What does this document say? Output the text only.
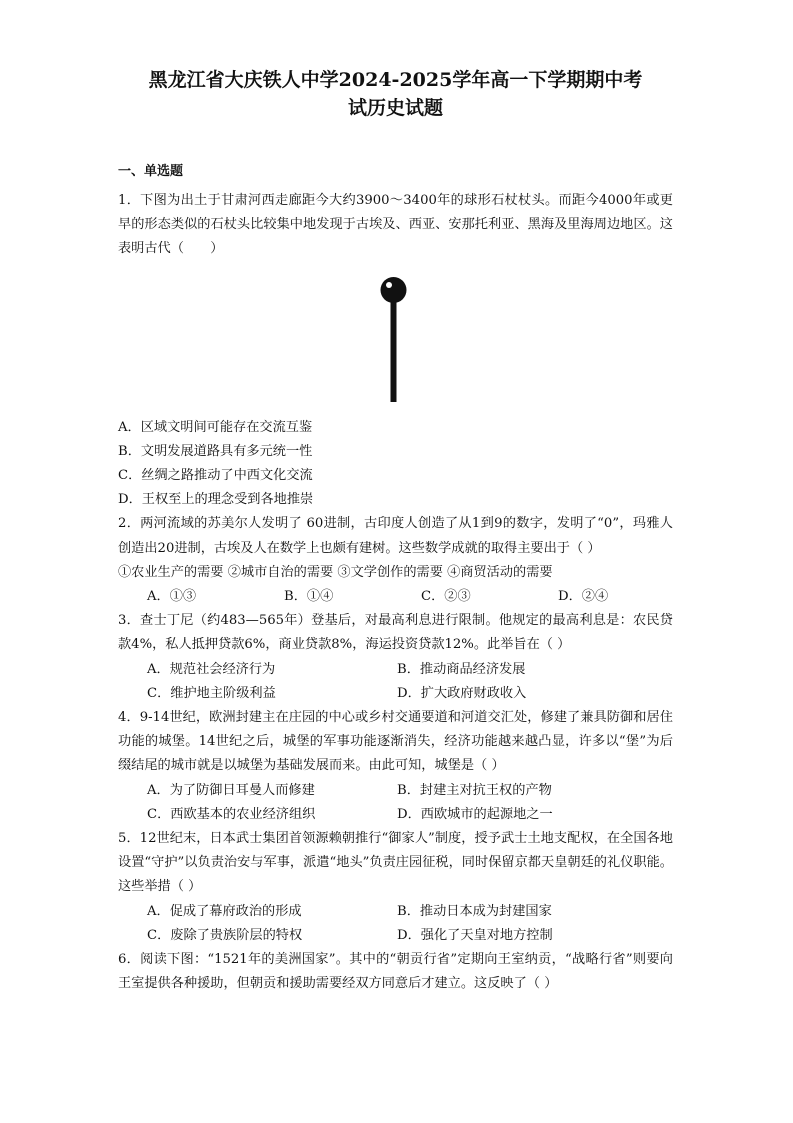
黑龙江省大庆铁人中学2024-2025学年高一下学期期中考
试历史试题
一、单选题
1．下图为出土于甘肃河西走廊距今大约3900～3400年的球形石杖杖头。而距今4000年或更早的形态类似的石杖头比较集中地发现于古埃及、西亚、安那托利亚、黑海及里海周边地区。这表明古代（　　）
A．区域文明间可能存在交流互鉴
B．文明发展道路具有多元统一性
C．丝绸之路推动了中西文化交流
D．王权至上的理念受到各地推崇
2．两河流域的苏美尔人发明了 60进制，古印度人创造了从1到9的数字，发明了“0”，玛雅人创造出20进制，古埃及人在数学上也颇有建树。这些数学成就的取得主要出于（ ）
①农业生产的需要 ②城市自治的需要 ③文学创作的需要 ④商贸活动的需要
A．①③	B．①④	C．②③	D．②④
3．查士丁尼（约483—565年）登基后，对最高利息进行限制。他规定的最高利息是：农民贷款4%，私人抵押贷款6%，商业贷款8%，海运投资贷款12%。此举旨在（ ）
A．规范社会经济行为	B．推动商品经济发展
C．维护地主阶级利益	D．扩大政府财政收入
4．9-14世纪，欧洲封建主在庄园的中心或乡村交通要道和河道交汇处，修建了兼具防御和居住功能的城堡。14世纪之后，城堡的军事功能逐渐消失，经济功能越来越凸显，许多以“堡”为后缀结尾的城市就是以城堡为基础发展而来。由此可知，城堡是（ ）
A．为了防御日耳曼人而修建	B．封建主对抗王权的产物
C．西欧基本的农业经济组织	D．西欧城市的起源地之一
5．12世纪末，日本武士集团首领源赖朝推行“御家人”制度，授予武士土地支配权，在全国各地设置“守护”以负责治安与军事，派遣“地头”负责庄园征税，同时保留京都天皇朝廷的礼仪职能。这些举措（ ）
A．促成了幕府政治的形成	B．推动日本成为封建国家
C．废除了贵族阶层的特权	D．强化了天皇对地方控制
6．阅读下图：“1521年的美洲国家”。其中的“朝贡行省”定期向王室纳贡，“战略行省”则要向王室提供各种援助，但朝贡和援助需要经双方同意后才建立。这反映了（ ）
